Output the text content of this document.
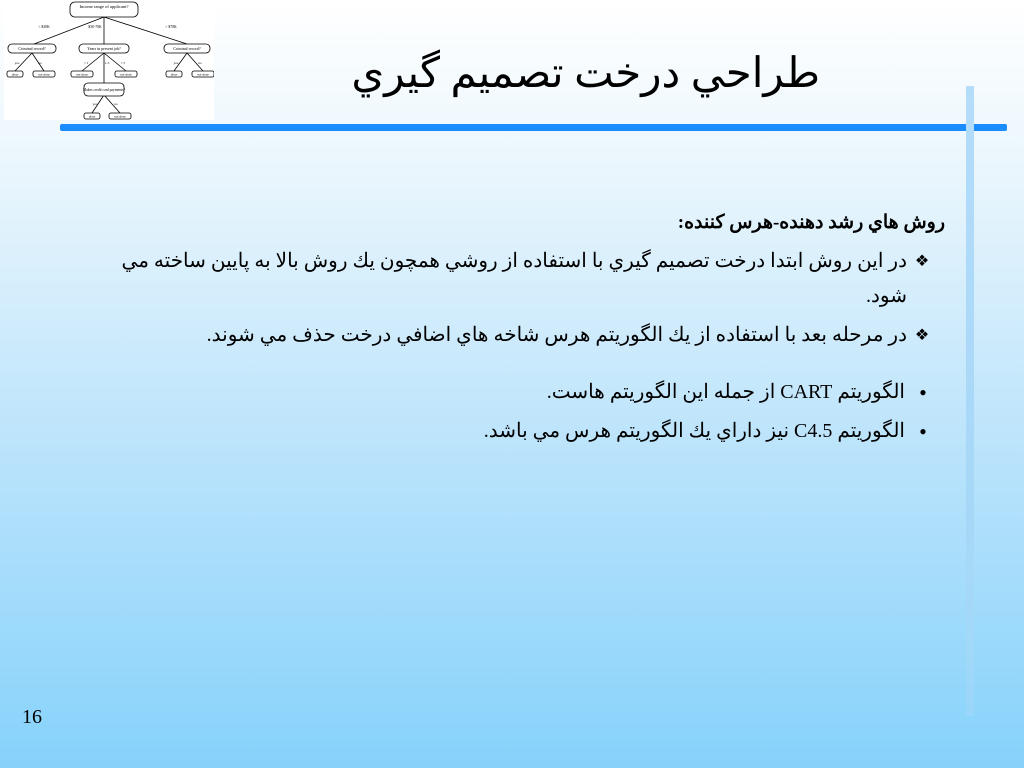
Income range of applicant?
< $30K	$30-70K	> $70K
Criminal record?	Years in present job?	Criminal record?
yes	no	< 1	1-5	> 5	yes	no
deny	not deny	not deny	not deny	deny	not deny
Makes credit card payments?
yes	no
deny	not deny
طراحي درخت تصميم گيري
روش هاي رشد دهنده-هرس كننده:
❖
در اين روش ابتدا درخت تصميم گيري با استفاده از روشي همچون يك روش بالا به پايين ساخته مي شود.
❖
در مرحله بعد با استفاده از يك الگوريتم هرس شاخه هاي اضافي درخت حذف مي شوند.
•
الگوريتم CART از جمله اين الگوريتم هاست.
•
الگوريتم C4.5 نيز داراي يك الگوريتم هرس مي باشد.
16
